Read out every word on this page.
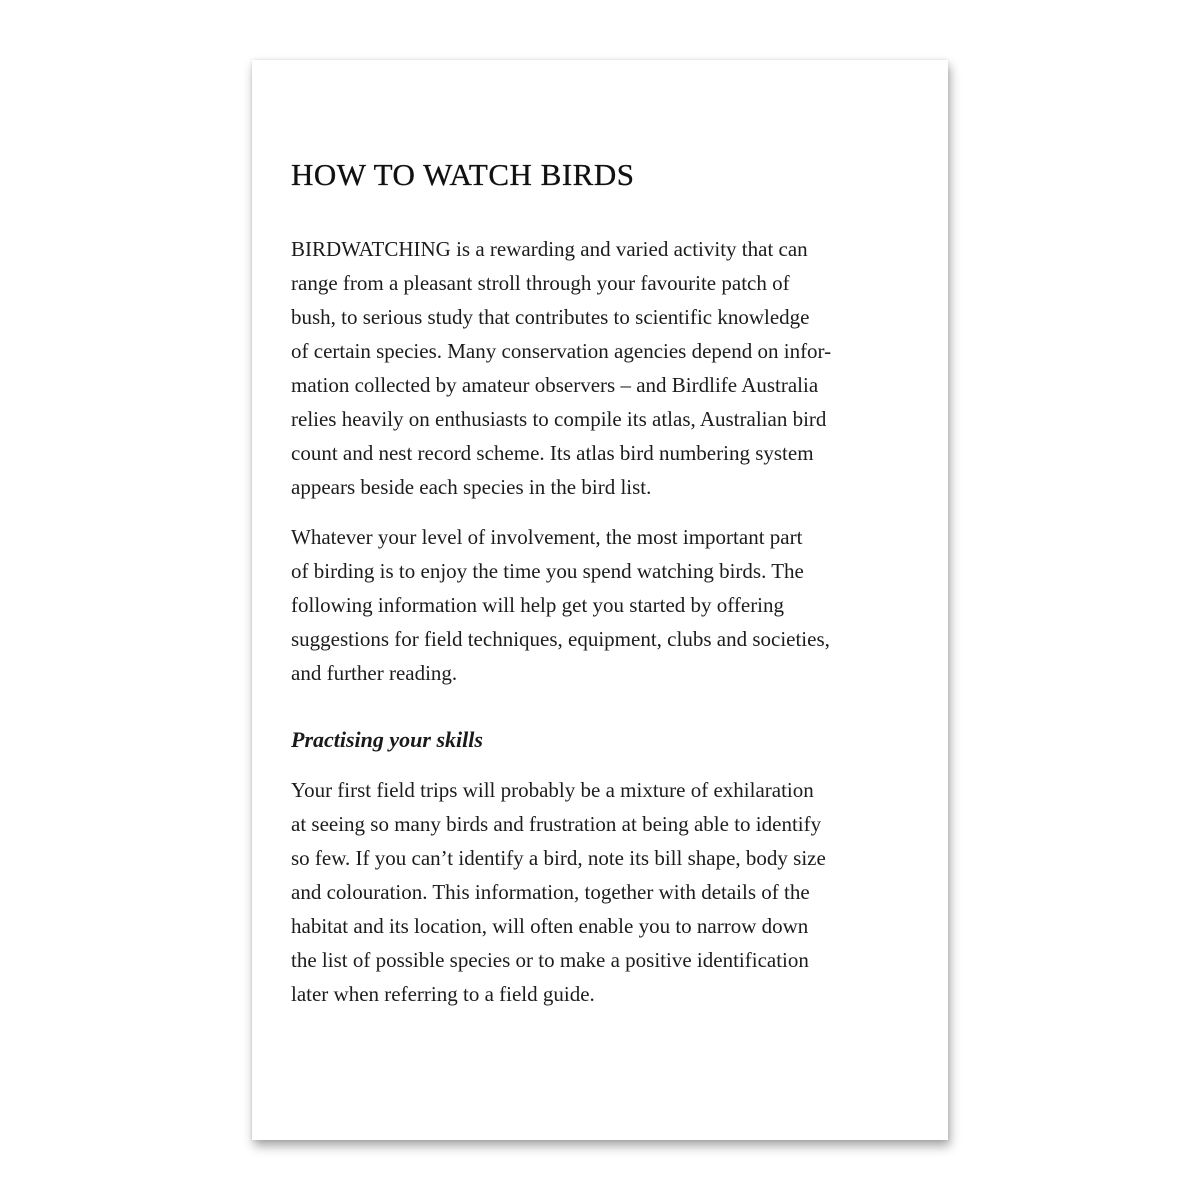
HOW TO WATCH BIRDS

BIRDWATCHING is a rewarding and varied activity that can
range from a pleasant stroll through your favourite patch of
bush, to serious study that contributes to scientific knowledge
of certain species. Many conservation agencies depend on infor-
mation collected by amateur observers – and Birdlife Australia
relies heavily on enthusiasts to compile its atlas, Australian bird
count and nest record scheme. Its atlas bird numbering system
appears beside each species in the bird list.

Whatever your level of involvement, the most important part
of birding is to enjoy the time you spend watching birds. The
following information will help get you started by offering
suggestions for field techniques, equipment, clubs and societies,
and further reading.

Practising your skills

Your first field trips will probably be a mixture of exhilaration
at seeing so many birds and frustration at being able to identify
so few. If you can’t identify a bird, note its bill shape, body size
and colouration. This information, together with details of the
habitat and its location, will often enable you to narrow down
the list of possible species or to make a positive identification
later when referring to a field guide.
